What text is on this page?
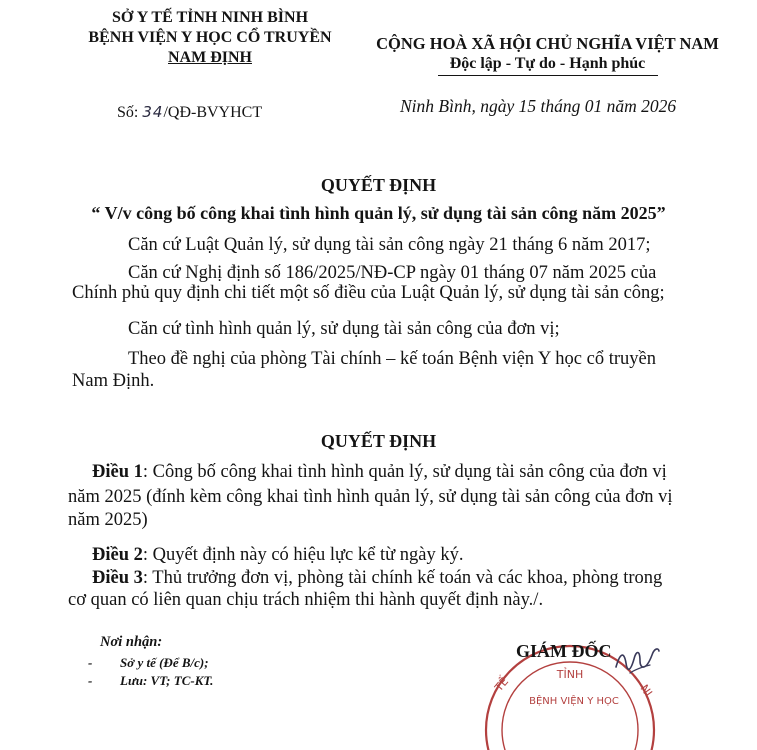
SỞ Y TẾ TỈNH NINH BÌNH
BỆNH VIỆN Y HỌC CỔ TRUYỀN
NAM ĐỊNH
Số: 34/QĐ-BVYHCT
CỘNG HOÀ XÃ HỘI CHỦ NGHĨA VIỆT NAM
Độc lập - Tự do - Hạnh phúc
Ninh Bình, ngày 15 tháng 01 năm 2026
QUYẾT ĐỊNH
“ V/v công bố công khai tình hình quản lý, sử dụng tài sản công năm 2025”
Căn cứ Luật Quản lý, sử dụng tài sản công ngày 21 tháng 6 năm 2017;
Căn cứ Nghị định số 186/2025/NĐ-CP ngày 01 tháng 07 năm 2025 của
Chính phủ quy định chi tiết một số điều của Luật Quản lý, sử dụng tài sản công;
Căn cứ tình hình quản lý, sử dụng tài sản công của đơn vị;
Theo đề nghị của phòng Tài chính – kế toán Bệnh viện Y học cổ truyền
Nam Định.
QUYẾT ĐỊNH
Điều 1: Công bố công khai tình hình quản lý, sử dụng tài sản công của đơn vị
năm 2025 (đính kèm công khai tình hình quản lý, sử dụng tài sản công của đơn vị
năm 2025)
Điều 2: Quyết định này có hiệu lực kể từ ngày ký.
Điều 3: Thủ trưởng đơn vị, phòng tài chính kế toán và các khoa, phòng trong
cơ quan có liên quan chịu trách nhiệm thi hành quyết định này./.
Nơi nhận:
- Sở y tế (Để B/c);
- Lưu: VT; TC-KT.	TỈNH
TẾ	NI
BỆNH VIỆN Y HỌC
GIÁM ĐỐC
